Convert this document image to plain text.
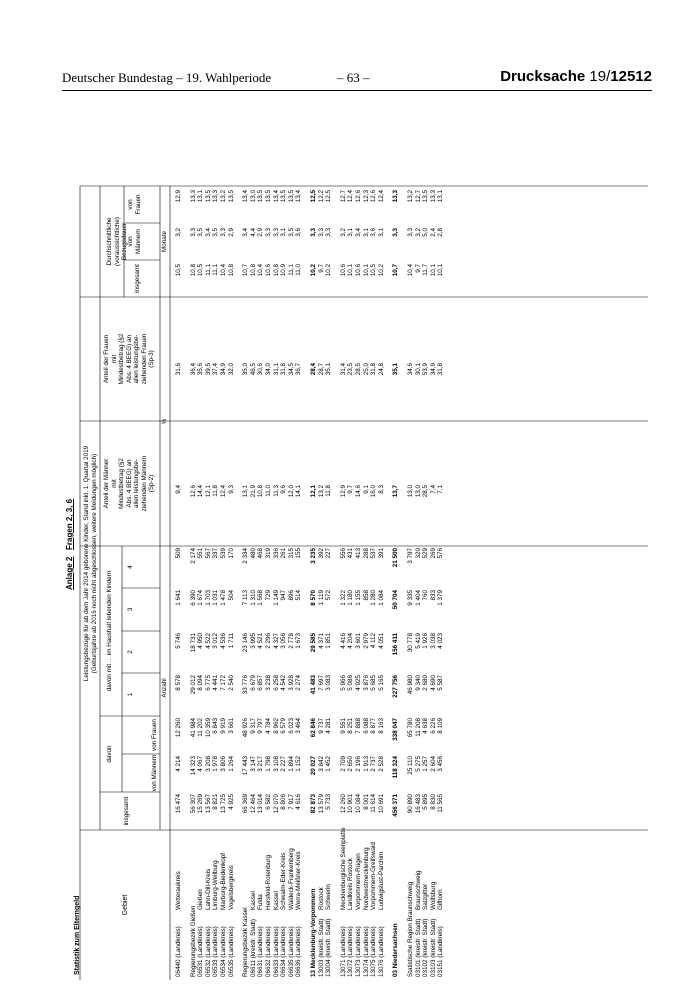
Deutscher Bundestag – 19. Wahlperiode	– 63 –	Drucksache 19/12512
Statistik zum Elterngeld
Anlage 2
Fragen 2, 3, 6
Gebiet
Leistungsbezüge für ab dem Jahr 2014 geborene Kinder, Stand inkl. 1. Quartal 2019 (Geburtsjahre ab 2016 noch nicht abgeschlossen, weitere Meldungen möglich)
insgesamt
davon
von Männern
von Frauen
davon mit ... im Haushalt lebenden Kindern
1
2
3
4
Anteil der Männer mit Mindestbetrag (§2 Abs. 4 BEEG) an allen leistungsbe- ziehenden Männern (Sp-2)
Anteil der Frauen mit Mindestbetrag (§2 Abs. 4 BEEG) an allen leistungsbe- ziehenden Frauen (Sp-3)
Durchschnittliche (voraussichtliche) Bezugsdauer
insgesamt
von Männern
von Frauen
Anzahl
%
Monate
06440 (Landkreis)
Wetteraukreis
16 474
4 214
12 260
8 578
5 746
1 641
509
9,4
31,6
10,5
3,2
12,9
Regierungsbezirk Gießen
56 307
14 323
41 984
29 012
18 731
6 390
2 174
12,6
36,4
10,8
3,3
13,3
06531 (Landkreis)
Gießen
15 269
4 067
11 202
8 094
4 950
1 674
551
14,4
35,6
10,5
3,5
13,1
06532 (Landkreis)
Lahn-Dill-Kreis
13 567
3 208
10 359
6 775
4 522
1 703
567
12,1
39,5
11,1
3,4
13,5
06533 (Landkreis)
Limburg-Weilburg
8 821
1 978
6 843
4 441
3 012
1 031
337
11,8
37,4
11,1
3,5
13,3
06534 (Landkreis)
Marburg-Biedenkopf
13 725
3 806
9 919
7 172
4 536
1 478
539
12,4
34,9
10,4
3,3
13,2
06535 (Landkreis)
Vogelsbergkreis
4 925
1 264
3 661
2 540
1 711
504
170
9,3
32,0
10,8
2,9
13,5
Regierungsbezirk Kassel
66 369
17 443
48 926
33 776
23 146
7 113
2 334
13,1
35,0
10,7
3,4
13,4
06611 (kreisfr. Stadt)
Kassel
12 464
3 147
9 317
6 679
3 995
1 310
480
21,9
46,5
10,8
4,4
13,0
06631 (Landkreis)
Fulda
13 014
3 217
9 797
6 857
4 521
1 568
468
10,8
30,6
10,4
2,9
13,5
06632 (Landkreis)
Hersfeld-Rotenburg
6 582
1 798
4 784
3 238
2 296
729
319
11,0
34,0
10,6
3,3
13,5
06633 (Landkreis)
Kassel
12 070
3 108
8 962
6 258
4 327
1 149
336
11,3
31,1
10,8
3,3
13,4
06634 (Landkreis)
Schwalm-Eder-Kreis
8 806
2 227
6 579
4 542
3 056
947
261
9,6
31,8
10,9
3,1
13,5
06635 (Landkreis)
Waldeck-Frankenberg
7 917
1 894
6 023
3 928
2 778
896
315
12,0
34,5
11,1
3,5
13,5
06636 (Landkreis)
Werra-Meißner-Kreis
4 616
1 152
3 464
2 274
1 673
514
155
14,1
36,7
11,0
3,6
13,4
13 Mecklenburg-Vorpommern
82 873
20 027
62 846
41 483
29 585
8 570
3 235
12,1
28,4
10,2
3,3
12,5
13003 (kreisfr. Stadt)
Rostock
13 579
3 842
9 737
7 697
4 371
1 119
392
13,2
28,7
9,7
3,3
12,2
13004 (kreisfr. Stadt)
Schwerin
5 733
1 452
4 281
3 083
1 851
572
227
11,8
35,1
10,2
3,3
12,5
13071 (Landkreis)
Mecklenburgische Seenplatte
12 260
2 709
9 551
5 966
4 416
1 322
556
12,9
31,4
10,6
3,2
12,7
13072 (Landkreis)
Landkreis Rostock
10 901
2 650
8 251
5 086
4 204
1 180
431
9,7
23,5
10,1
3,1
12,4
13073 (Landkreis)
Vorpommern-Rügen
10 084
2 196
7 888
4 925
3 601
1 155
413
14,6
28,5
10,6
3,4
12,6
13074 (Landkreis)
Nordwestmecklenburg
8 001
1 913
6 088
3 876
2 979
858
288
9,1
25,0
10,1
3,1
12,3
13075 (Landkreis)
Vorpommern-Greifswald
11 614
2 737
8 877
5 685
4 112
1 280
537
16,0
31,8
10,5
3,6
12,6
13076 (Landkreis)
Ludwigslust-Parchim
10 691
2 528
8 163
5 165
4 051
1 084
391
8,3
24,8
10,2
3,1
12,4
03 Niedersachsen
456 371
118 324
338 047
227 756
156 411
50 704
21 500
13,7
35,1
10,7
3,3
13,3
Statistische Region Braunschweig
90 890
25 110
65 780
46 980
30 778
9 335
3 797
13,0
34,6
10,4
3,3
13,2
03101 (kreisfr. Stadt)
Braunschweig
16 483
5 275
11 208
9 340
5 419
1 404
320
13,0
30,1
9,7
3,2
12,7
03102 (kreisfr. Stadt)
Salzgitter
5 895
1 257
4 638
2 680
1 926
760
529
28,5
53,9
11,7
5,0
13,5
03103 (kreisfr. Stadt)
Wolfsburg
8 830
2 604
6 226
4 690
3 038
833
269
7,4
34,9
10,1
2,4
13,3
03151 (Landkreis)
Gifhorn
11 565
3 456
8 109
5 587
4 023
1 379
576
7,1
31,8
10,1
2,8
13,1
